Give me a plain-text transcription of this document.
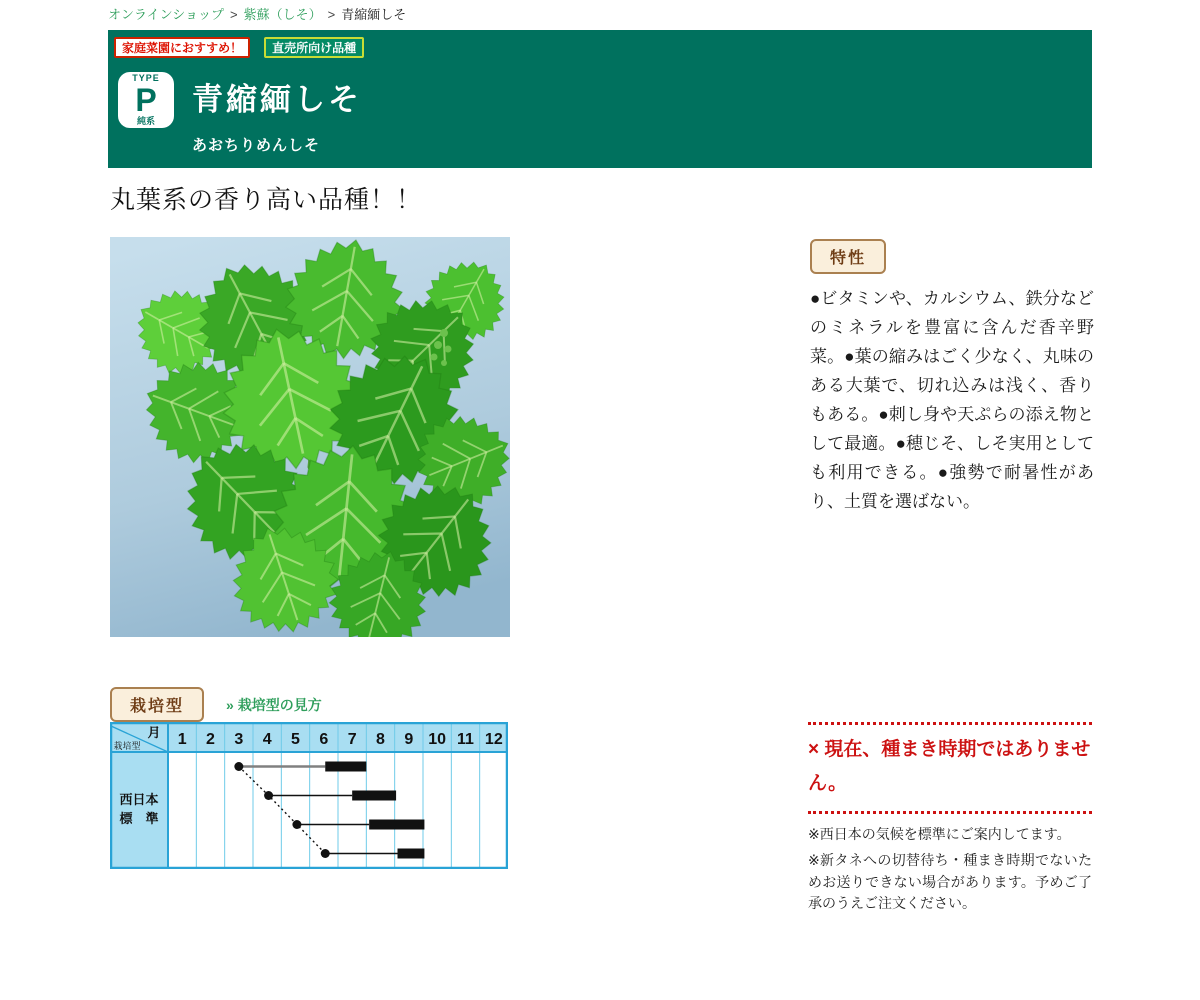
オンラインショップ > 紫蘇（しそ） > 青縮緬しそ
家庭菜園におすすめ！	直売所向け品種
TYPE
P
純系
青縮緬しそ
あおちりめんしそ
丸葉系の香り高い品種！！
特性

●ビタミンや、カルシウム、鉄分などのミネラルを豊富に含んだ香辛野菜。●葉の縮みはごく少なく、丸味のある大葉で、切れ込みは浅く、香りもある。●刺し身や天ぷらの添え物として最適。●穂じそ、しそ実用としても利用できる。●強勢で耐暑性があり、土質を選ばない。

栽培型	» 栽培型の見方
月
栽培型 1 2 3 4 5 6 7 8 9 10 11 12
西日本
標　準
× 現在、種まき時期ではありません。

※西日本の気候を標準にご案内してます。

※新タネへの切替待ち・種まき時期でないためお送りできない場合があります。予めご了承のうえご注文ください。
